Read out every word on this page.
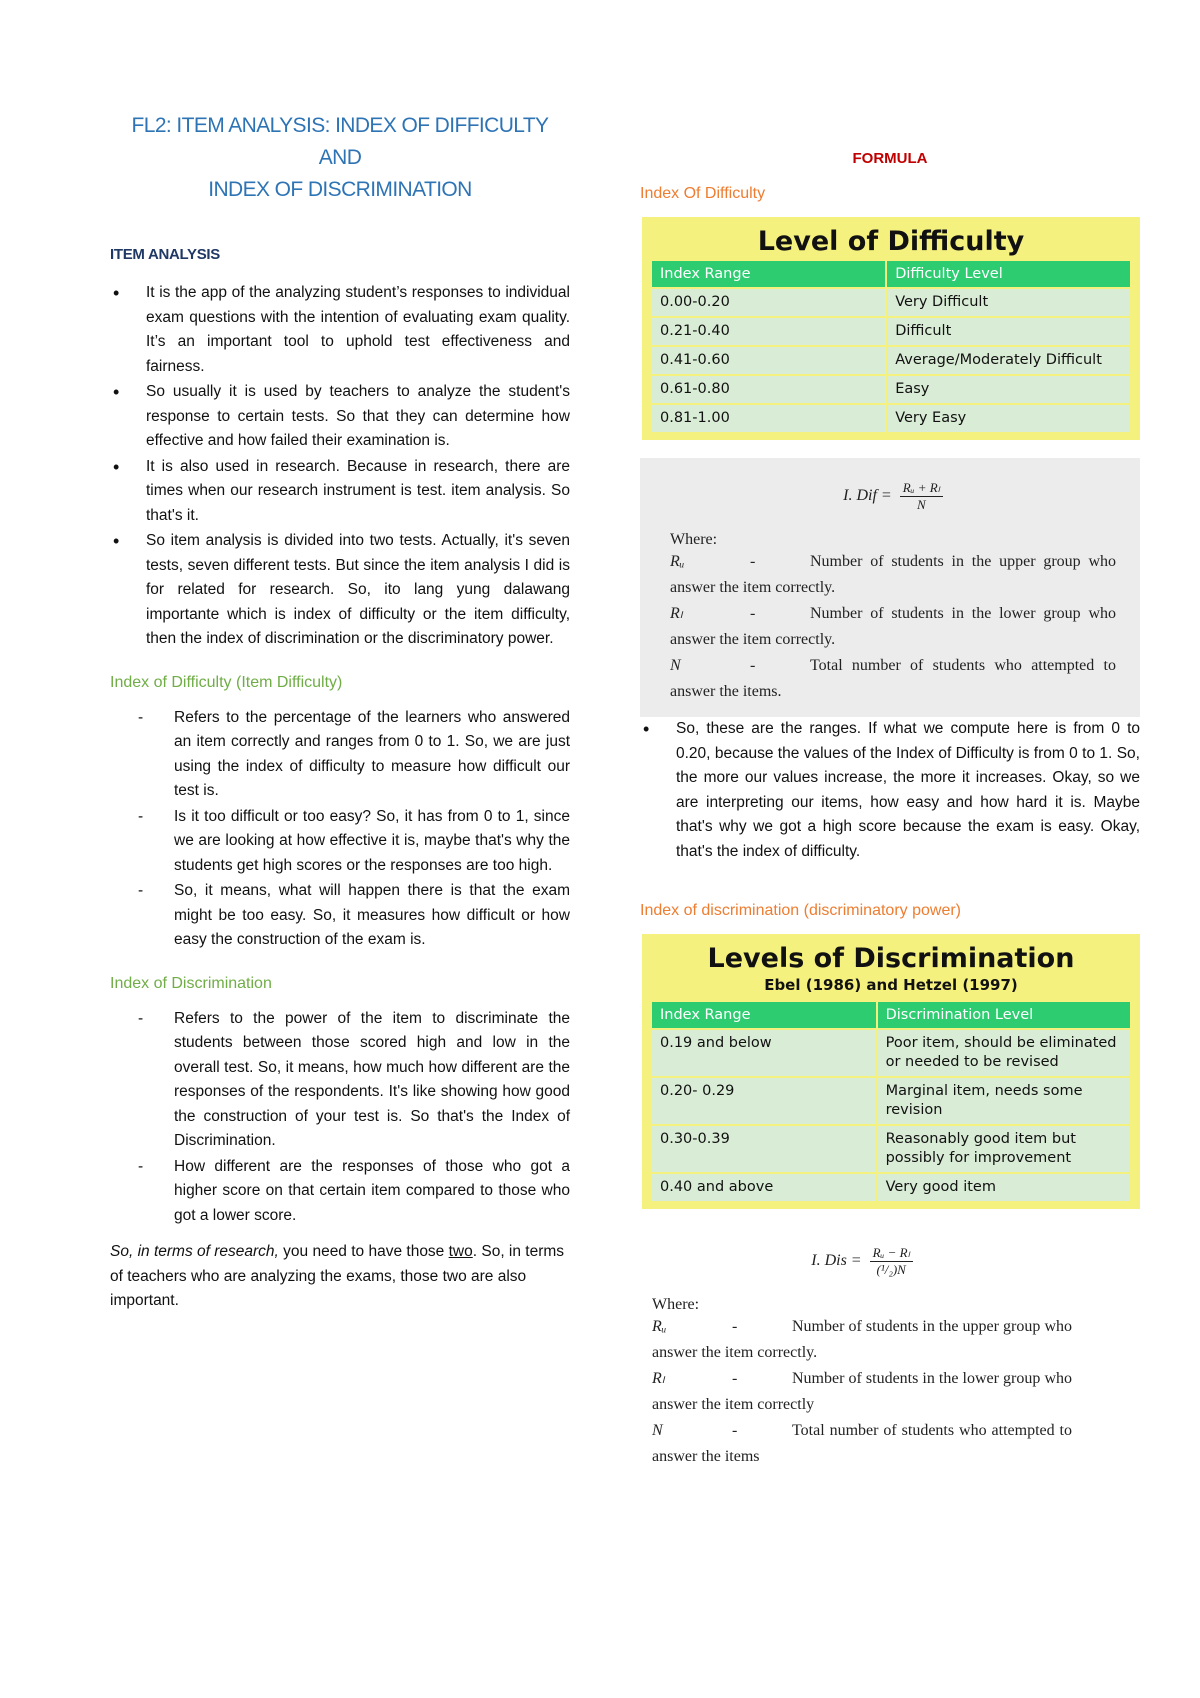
FL2: ITEM ANALYSIS: INDEX OF DIFFICULTY AND
INDEX OF DISCRIMINATION
ITEM ANALYSIS
• It is the app of the analyzing student’s responses to individual exam questions with the intention of evaluating exam quality. It’s an important tool to uphold test effectiveness and fairness.
• So usually it is used by teachers to analyze the student's response to certain tests. So that they can determine how effective and how failed their examination is.
• It is also used in research. Because in research, there are times when our research instrument is test. item analysis. So that's it.
• So item analysis is divided into two tests. Actually, it's seven tests, seven different tests. But since the item analysis I did is for related for research. So, ito lang yung dalawang importante which is index of difficulty or the item difficulty, then the index of discrimination or the discriminatory power.
Index of Difficulty (Item Difficulty)
- Refers to the percentage of the learners who answered an item correctly and ranges from 0 to 1. So, we are just using the index of difficulty to measure how difficult our test is.
- Is it too difficult or too easy? So, it has from 0 to 1, since we are looking at how effective it is, maybe that's why the students get high scores or the responses are too high.
- So, it means, what will happen there is that the exam might be too easy. So, it measures how difficult or how easy the construction of the exam is.
Index of Discrimination
- Refers to the power of the item to discriminate the students between those scored high and low in the overall test. So, it means, how much how different are the responses of the respondents. It's like showing how good the construction of your test is. So that's the Index of Discrimination.
- How different are the responses of those who got a higher score on that certain item compared to those who got a lower score.

So, in terms of research, you need to have those two. So, in terms of teachers who are analyzing the exams, those two are also important.

FORMULA
Index Of Difficulty
Level of Difficulty
Index Range	Difficulty Level
0.00-0.20	Very Difficult
0.21-0.40	Difficult
0.41-0.60	Average/Moderately Difficult
0.61-0.80	Easy
0.81-1.00	Very Easy
I. Dif = $\frac{\text{Rᵤ + Rₗ}}{N}$
Where:
Rᵤ	-	Number of students in the upper group who answer the item correctly.
Rₗ	-	Number of students in the lower group who answer the item correctly.
N	-	Total number of students who attempted to answer the items.
• So, these are the ranges. If what we compute here is from 0 to 0.20, because the values of the Index of Difficulty is from 0 to 1. So, the more our values increase, the more it increases. Okay, so we are interpreting our items, how easy and how hard it is. Maybe that's why we got a high score because the exam is easy. Okay, that's the index of difficulty.
Index of discrimination (discriminatory power)
Levels of Discrimination
Ebel (1986) and Hetzel (1997)
Index Range	Discrimination Level
0.19 and below	Poor item, should be eliminated or needed to be revised
0.20- 0.29	Marginal item, needs some revision
0.30-0.39	Reasonably good item but possibly for improvement
0.40 and above	Very good item
I. Dis = $\frac{\text{Rᵤ − Rₗ}}{\text{(¹/₂)N}}$
Where:
Rᵤ	-	Number of students in the upper group who answer the item correctly.
Rₗ	-	Number of students in the lower group who answer the item correctly
N	-	Total number of students who attempted to answer the items
